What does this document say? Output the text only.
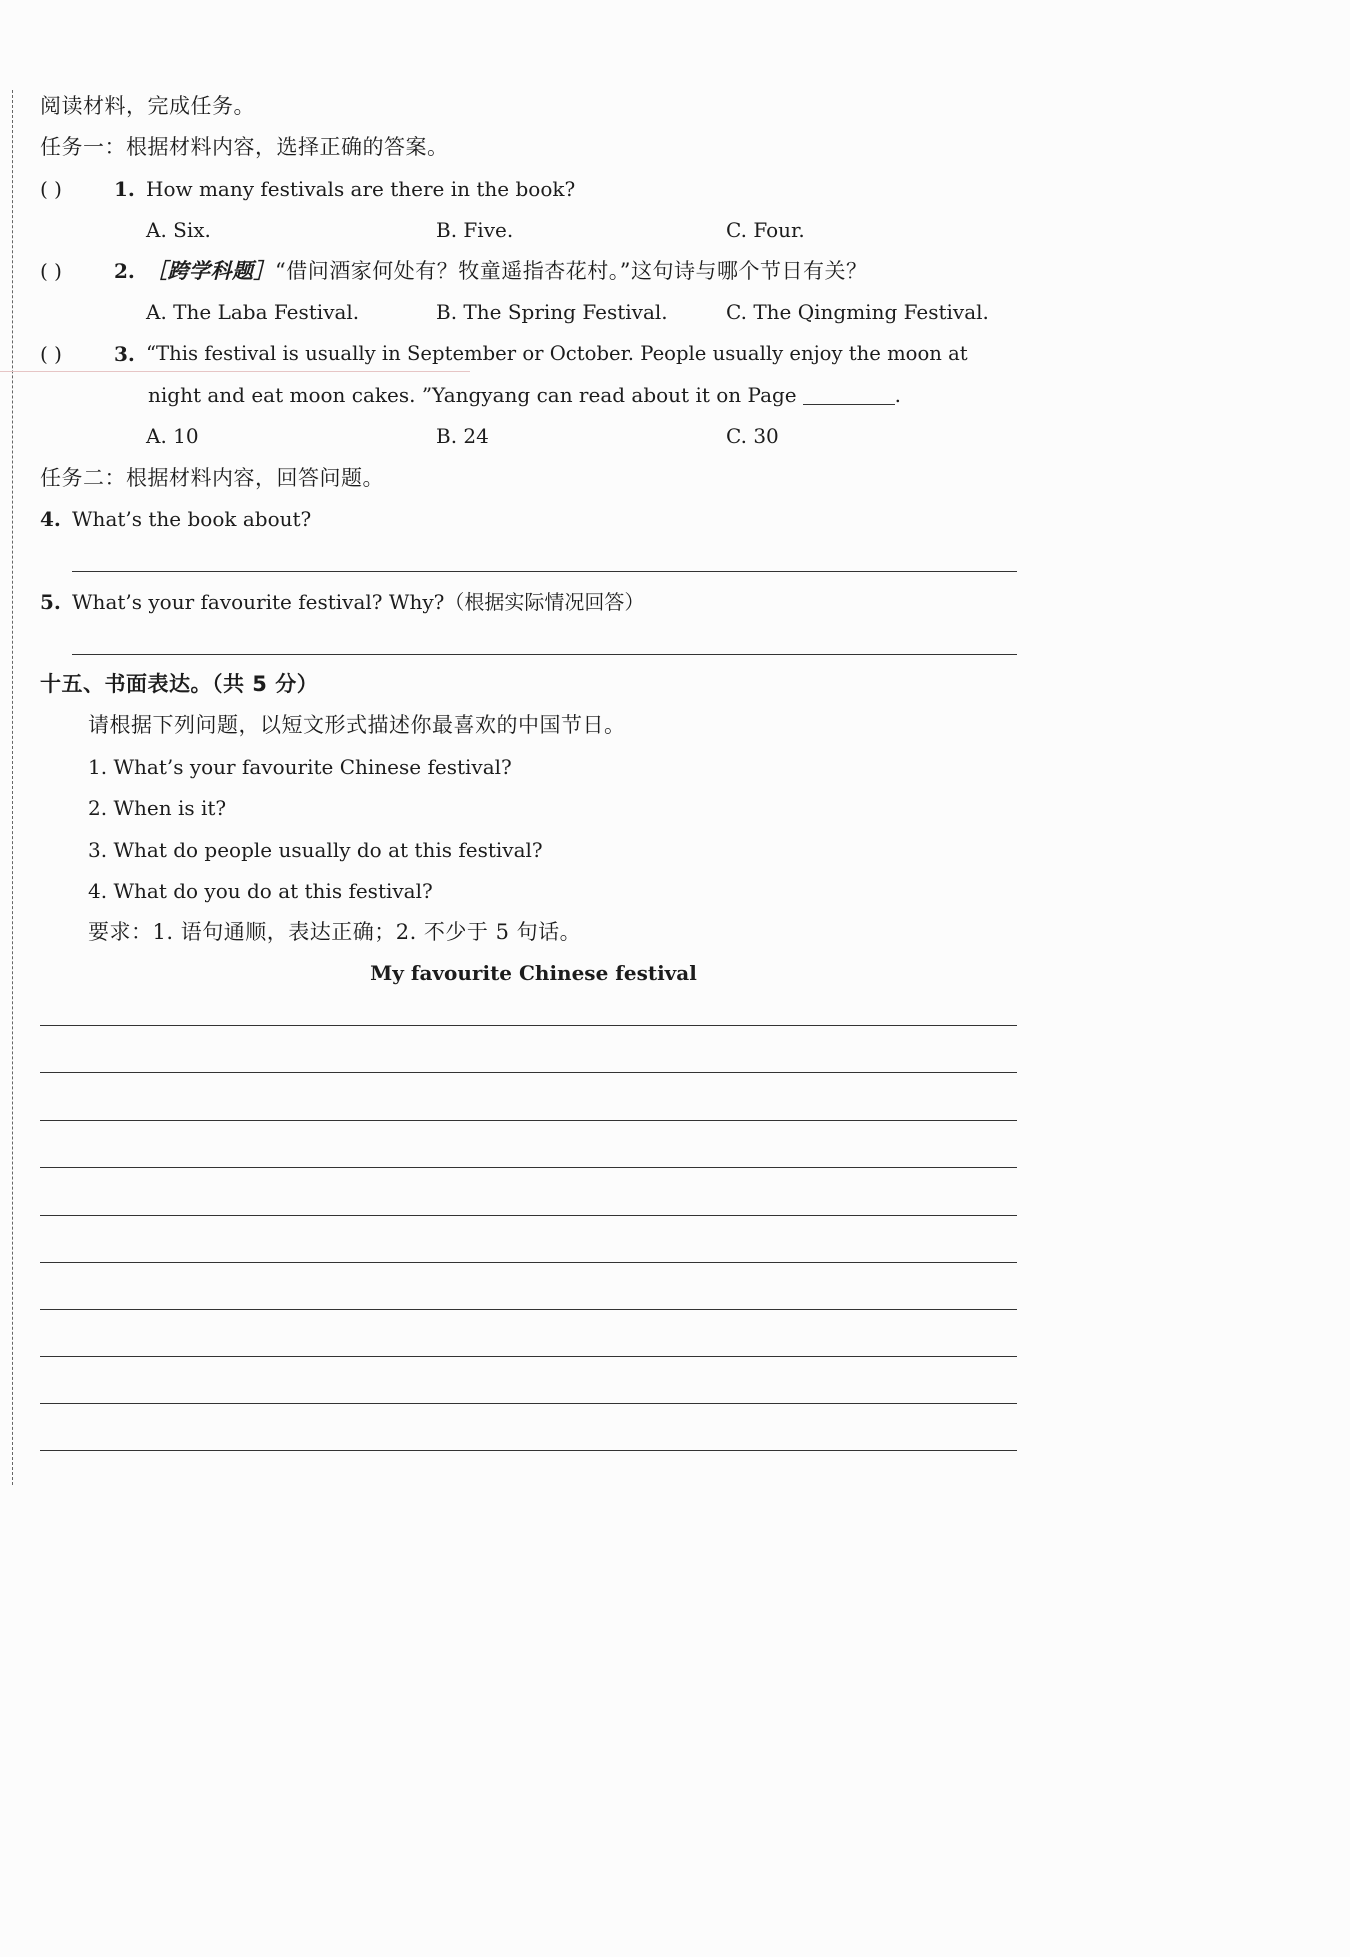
阅读材料，完成任务。
任务一：根据材料内容，选择正确的答案。
( )	1. How many festivals are there in the book?
A. Six.	B. Five.	C. Four.
( )	2. ［跨学科题］“借问酒家何处有？牧童遥指杏花村。”这句诗与哪个节日有关？
A. The Laba Festival.	B. The Spring Festival.	C. The Qingming Festival.
( )	3. “This festival is usually in September or October. People usually enjoy the moon at
night and eat moon cakes. ”Yangyang can read about it on Page	.
A. 10	B. 24	C. 30
任务二：根据材料内容，回答问题。
4. What’s the book about?
5. What’s your favourite festival? Why?（根据实际情况回答）
十五、书面表达。（共 5 分）
请根据下列问题，以短文形式描述你最喜欢的中国节日。
1. What’s your favourite Chinese festival?
2. When is it?
3. What do people usually do at this festival?
4. What do you do at this festival?
要求：1. 语句通顺，表达正确；2. 不少于 5 句话。
My favourite Chinese festival
